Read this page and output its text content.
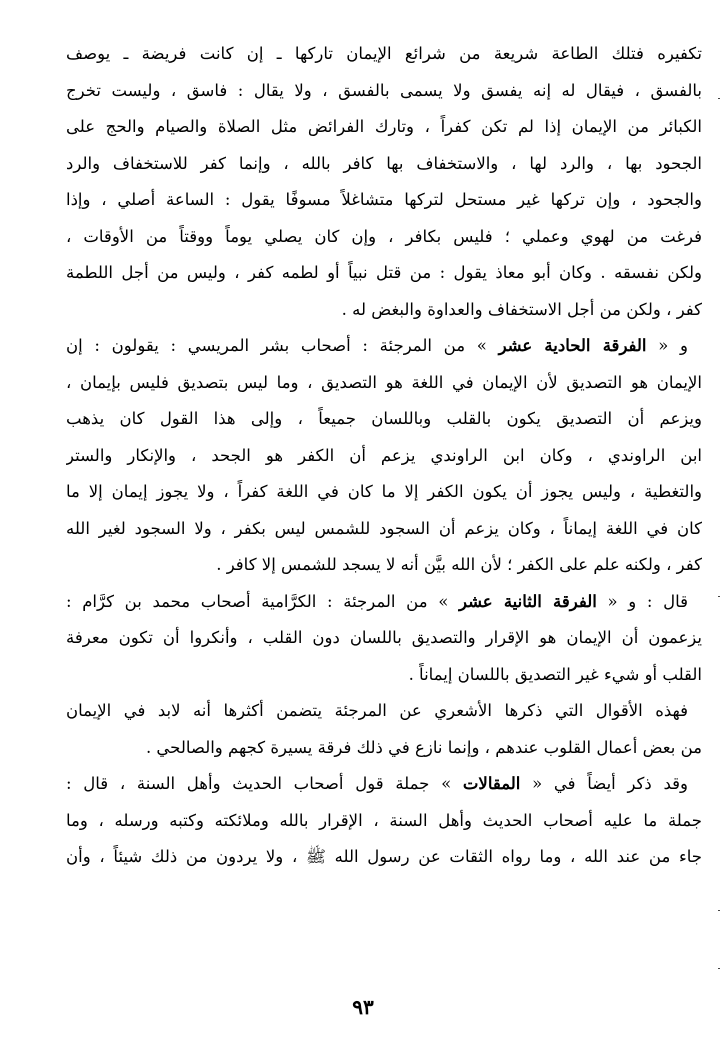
تكفيره فتلك الطاعة شريعة من شرائع الإيمان تاركها ـ إن كانت فريضة ـ يوصف
بالفسق ، فيقال له إنه يفسق ولا يسمى بالفسق ، ولا يقال : فاسق ، وليست تخرج
الكبائر من الإيمان إذا لم تكن كفراً ، وتارك الفرائض مثل الصلاة والصيام والحج على
الجحود بها ، والرد لها ، والاستخفاف بها كافر بالله ، وإنما كفر للاستخفاف والرد
والجحود ، وإن تركها غير مستحل لتركها متشاغلاً مسوفًا يقول : الساعة أصلي ، وإذا
فرغت من لهوي وعملي ؛ فليس بكافر ، وإن كان يصلي يوماً ووقتاً من الأوقات ،
ولكن نفسقه . وكان أبو معاذ يقول : من قتل نبياً أو لطمه كفر ، وليس من أجل اللطمة
كفر ، ولكن من أجل الاستخفاف والعداوة والبغض له .
و « الفرقة الحادية عشر » من المرجئة : أصحاب بشر المريسي : يقولون : إن
الإيمان هو التصديق لأن الإيمان في اللغة هو التصديق ، وما ليس بتصديق فليس بإيمان ،
ويزعم أن التصديق يكون بالقلب وباللسان جميعاً ، وإلى هذا القول كان يذهب
ابن الراوندي ، وكان ابن الراوندي يزعم أن الكفر هو الجحد ، والإنكار والستر
والتغطية ، وليس يجوز أن يكون الكفر إلا ما كان في اللغة كفراً ، ولا يجوز إيمان إلا ما
كان في اللغة إيماناً ، وكان يزعم أن السجود للشمس ليس بكفر ، ولا السجود لغير الله
كفر ، ولكنه علم على الكفر ؛ لأن الله بيَّن أنه لا يسجد للشمس إلا كافر .
قال : و « الفرقة الثانية عشر » من المرجئة : الكرَّامية أصحاب محمد بن كرَّام :
يزعمون أن الإيمان هو الإقرار والتصديق باللسان دون القلب ، وأنكروا أن تكون معرفة
القلب أو شيء غير التصديق باللسان إيماناً .
فهذه الأقوال التي ذكرها الأشعري عن المرجئة يتضمن أكثرها أنه لابد في الإيمان
من بعض أعمال القلوب عندهم ، وإنما نازع في ذلك فرقة يسيرة كجهم والصالحي .
وقد ذكر أيضاً في « المقالات » جملة قول أصحاب الحديث وأهل السنة ، قال :
جملة ما عليه أصحاب الحديث وأهل السنة ، الإقرار بالله وملائكته وكتبه ورسله ، وما
جاء من عند الله ، وما رواه الثقات عن رسول الله ﷺ ، ولا يردون من ذلك شيئاً ، وأن
٩٣
